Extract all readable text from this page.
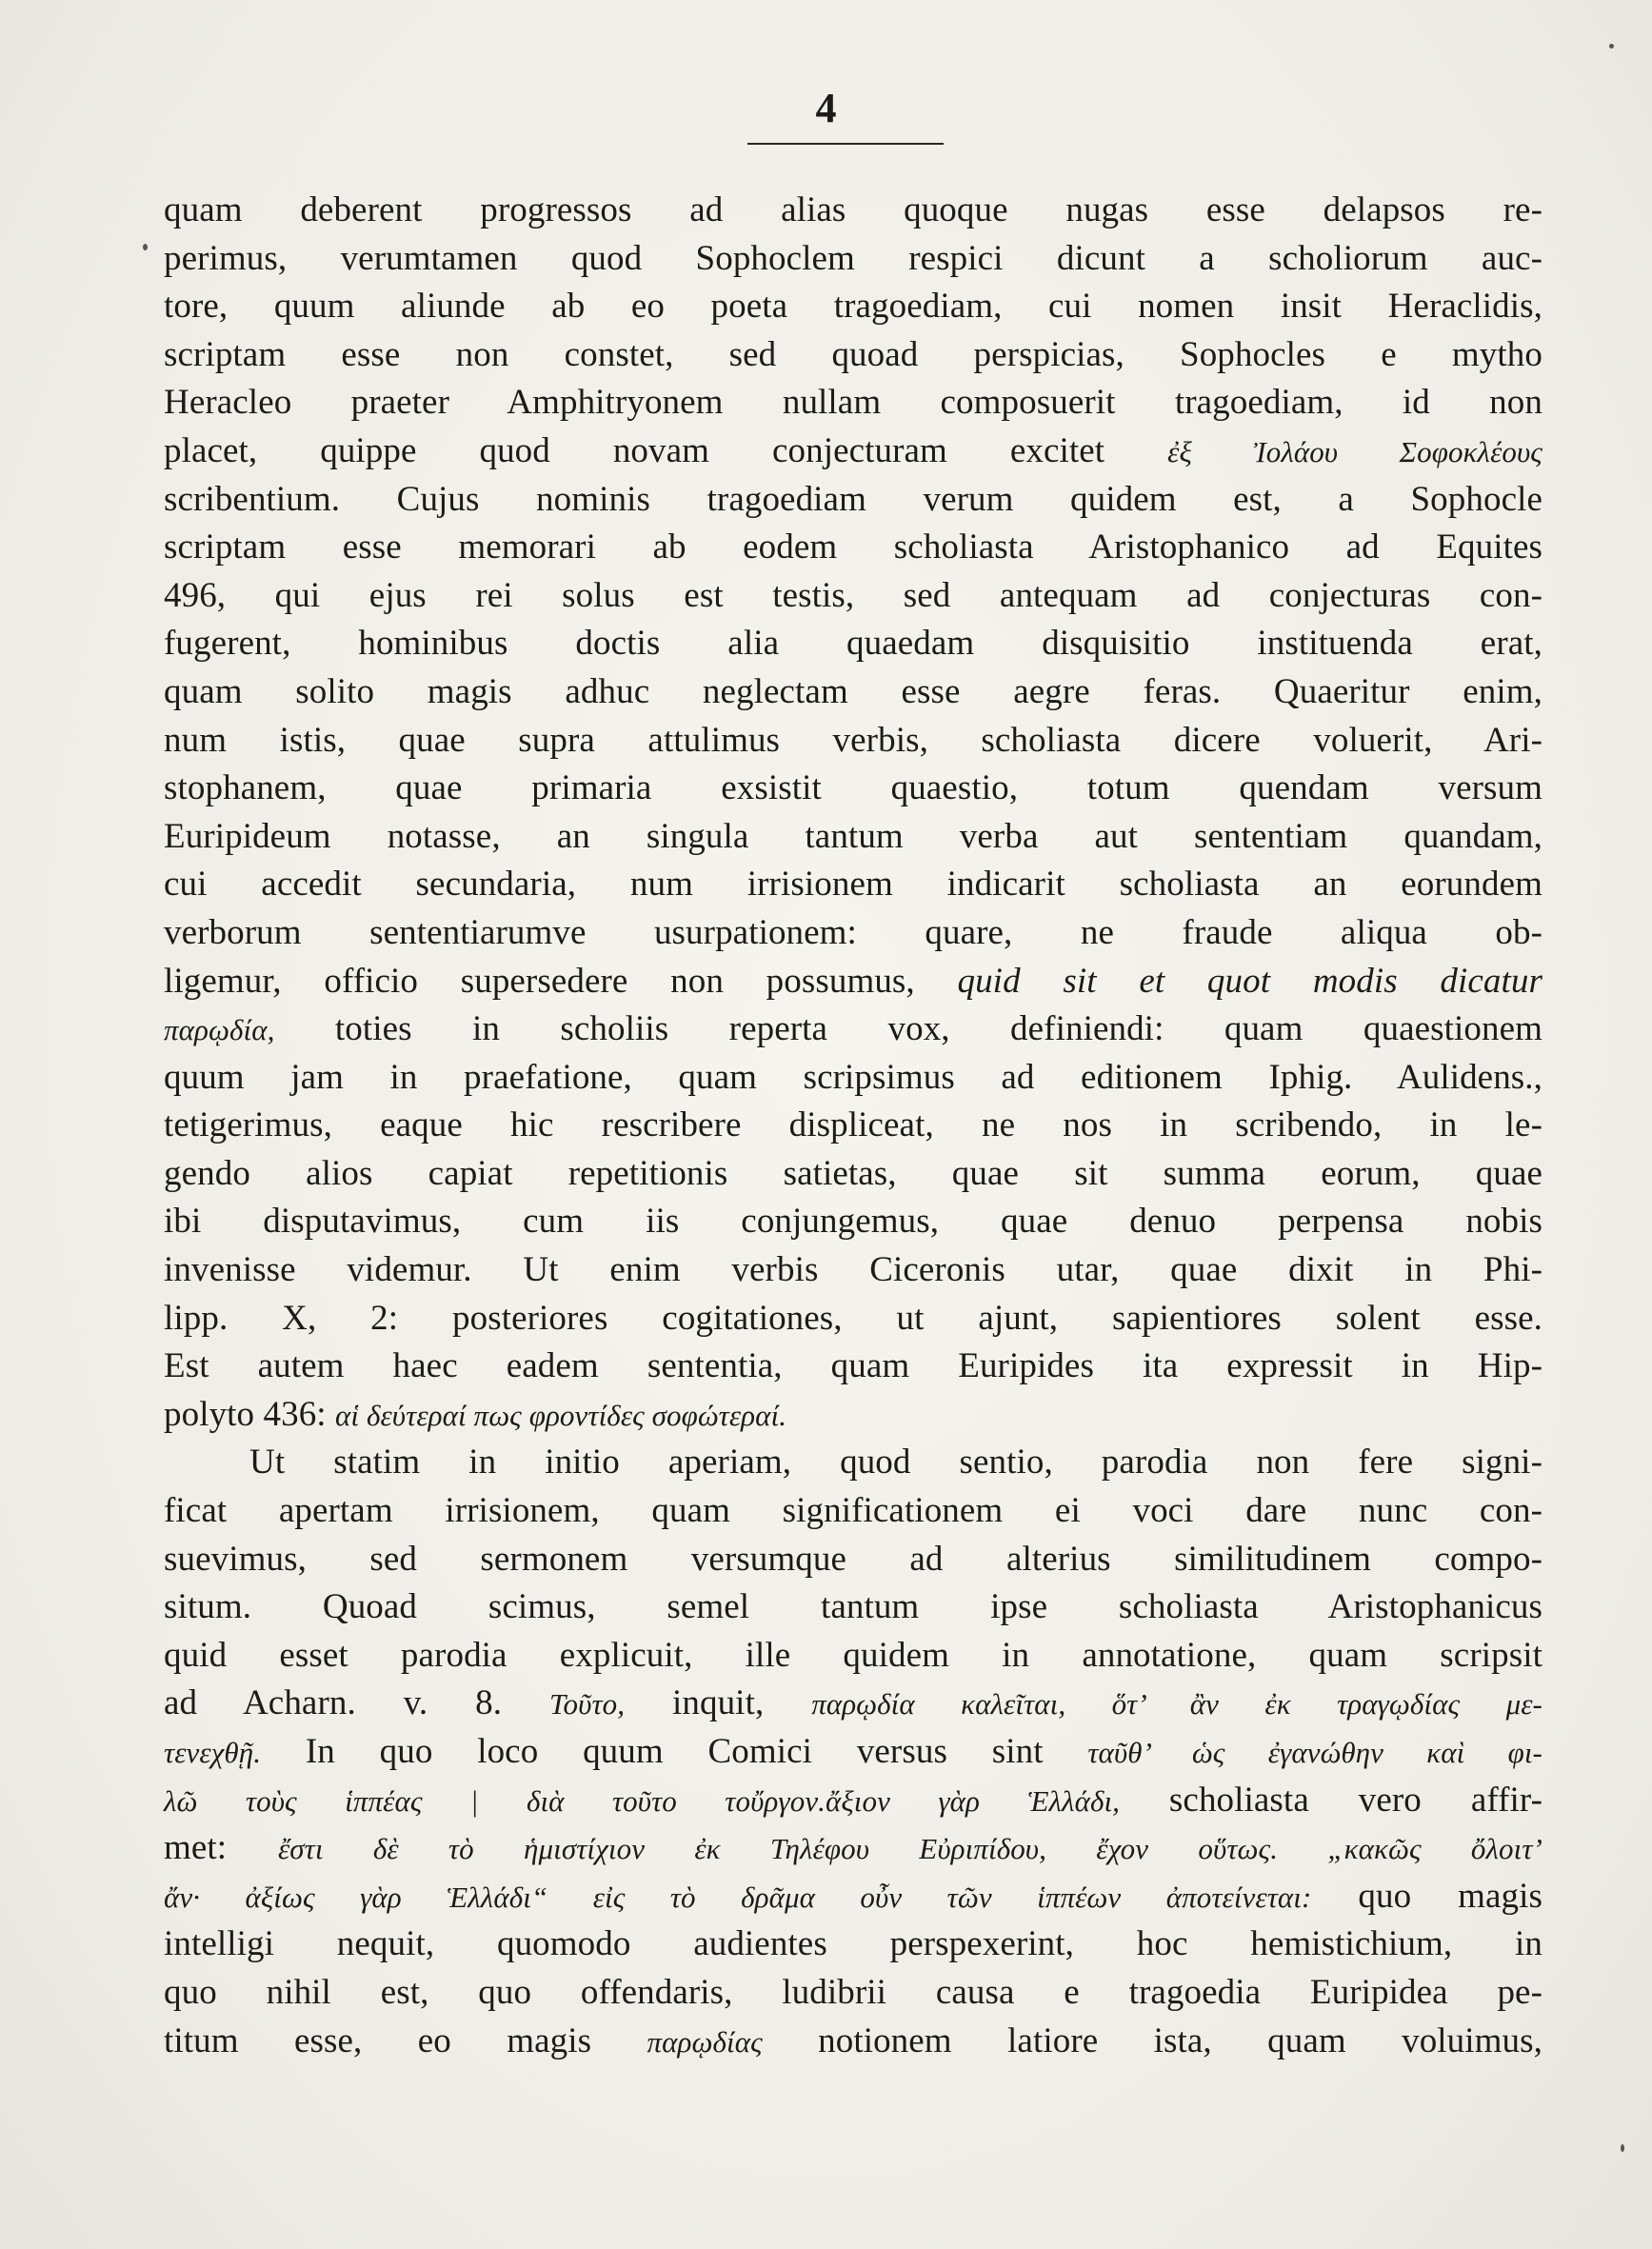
4
quam deberent progressos ad alias quoque nugas esse delapsos re-
perimus, verumtamen quod Sophoclem respici dicunt a scholiorum auc-
tore, quum aliunde ab eo poeta tragoediam, cui nomen insit Heraclidis,
scriptam esse non constet, sed quoad perspicias, Sophocles e mytho
Heracleo praeter Amphitryonem nullam composuerit tragoediam, id non
placet, quippe quod novam conjecturam excitet ἐξ Ἰολάου Σοφοκλέους
scribentium. Cujus nominis tragoediam verum quidem est, a Sophocle
scriptam esse memorari ab eodem scholiasta Aristophanico ad Equites
496, qui ejus rei solus est testis, sed antequam ad conjecturas con-
fugerent, hominibus doctis alia quaedam disquisitio instituenda erat,
quam solito magis adhuc neglectam esse aegre feras. Quaeritur enim,
num istis, quae supra attulimus verbis, scholiasta dicere voluerit, Ari-
stophanem, quae primaria exsistit quaestio, totum quendam versum
Euripideum notasse, an singula tantum verba aut sententiam quandam,
cui accedit secundaria, num irrisionem indicarit scholiasta an eorundem
verborum sententiarumve usurpationem: quare, ne fraude aliqua ob-
ligemur, officio supersedere non possumus, quid sit et quot modis dicatur
παρῳδία, toties in scholiis reperta vox, definiendi: quam quaestionem
quum jam in praefatione, quam scripsimus ad editionem Iphig. Aulidens.,
tetigerimus, eaque hic rescribere displiceat, ne nos in scribendo, in le-
gendo alios capiat repetitionis satietas, quae sit summa eorum, quae
ibi disputavimus, cum iis conjungemus, quae denuo perpensa nobis
invenisse videmur. Ut enim verbis Ciceronis utar, quae dixit in Phi-
lipp. X, 2: posteriores cogitationes, ut ajunt, sapientiores solent esse.
Est autem haec eadem sententia, quam Euripides ita expressit in Hip-
polyto 436: αἱ δεύτεραί πως φροντίδες σοφώτεραί.
Ut statim in initio aperiam, quod sentio, parodia non fere signi-
ficat apertam irrisionem, quam significationem ei voci dare nunc con-
suevimus, sed sermonem versumque ad alterius similitudinem compo-
situm. Quoad scimus, semel tantum ipse scholiasta Aristophanicus
quid esset parodia explicuit, ille quidem in annotatione, quam scripsit
ad Acharn. v. 8. Τοῦτο, inquit, παρῳδία καλεῖται, ὅτ’ ἂν ἐκ τραγῳδίας με-
τενεχθῇ. In quo loco quum Comici versus sint ταῦθ’ ὡς ἐγανώθην καὶ φι-
λῶ τοὺς ἱππέας | διὰ τοῦτο τοὔργον.ἄξιον γὰρ Ἑλλάδι, scholiasta vero affir-
met: ἔστι δὲ τὸ ἡμιστίχιον ἐκ Τηλέφου Εὐριπίδου, ἔχον οὕτως. „κακῶς ὄλοιτ’
ἄν· ἀξίως γὰρ Ἑλλάδι“ εἰς τὸ δρᾶμα οὖν τῶν ἱππέων ἀποτείνεται: quo magis
intelligi nequit, quomodo audientes perspexerint, hoc hemistichium, in
quo nihil est, quo offendaris, ludibrii causa e tragoedia Euripidea pe-
titum esse, eo magis παρῳδίας notionem latiore ista, quam voluimus,
